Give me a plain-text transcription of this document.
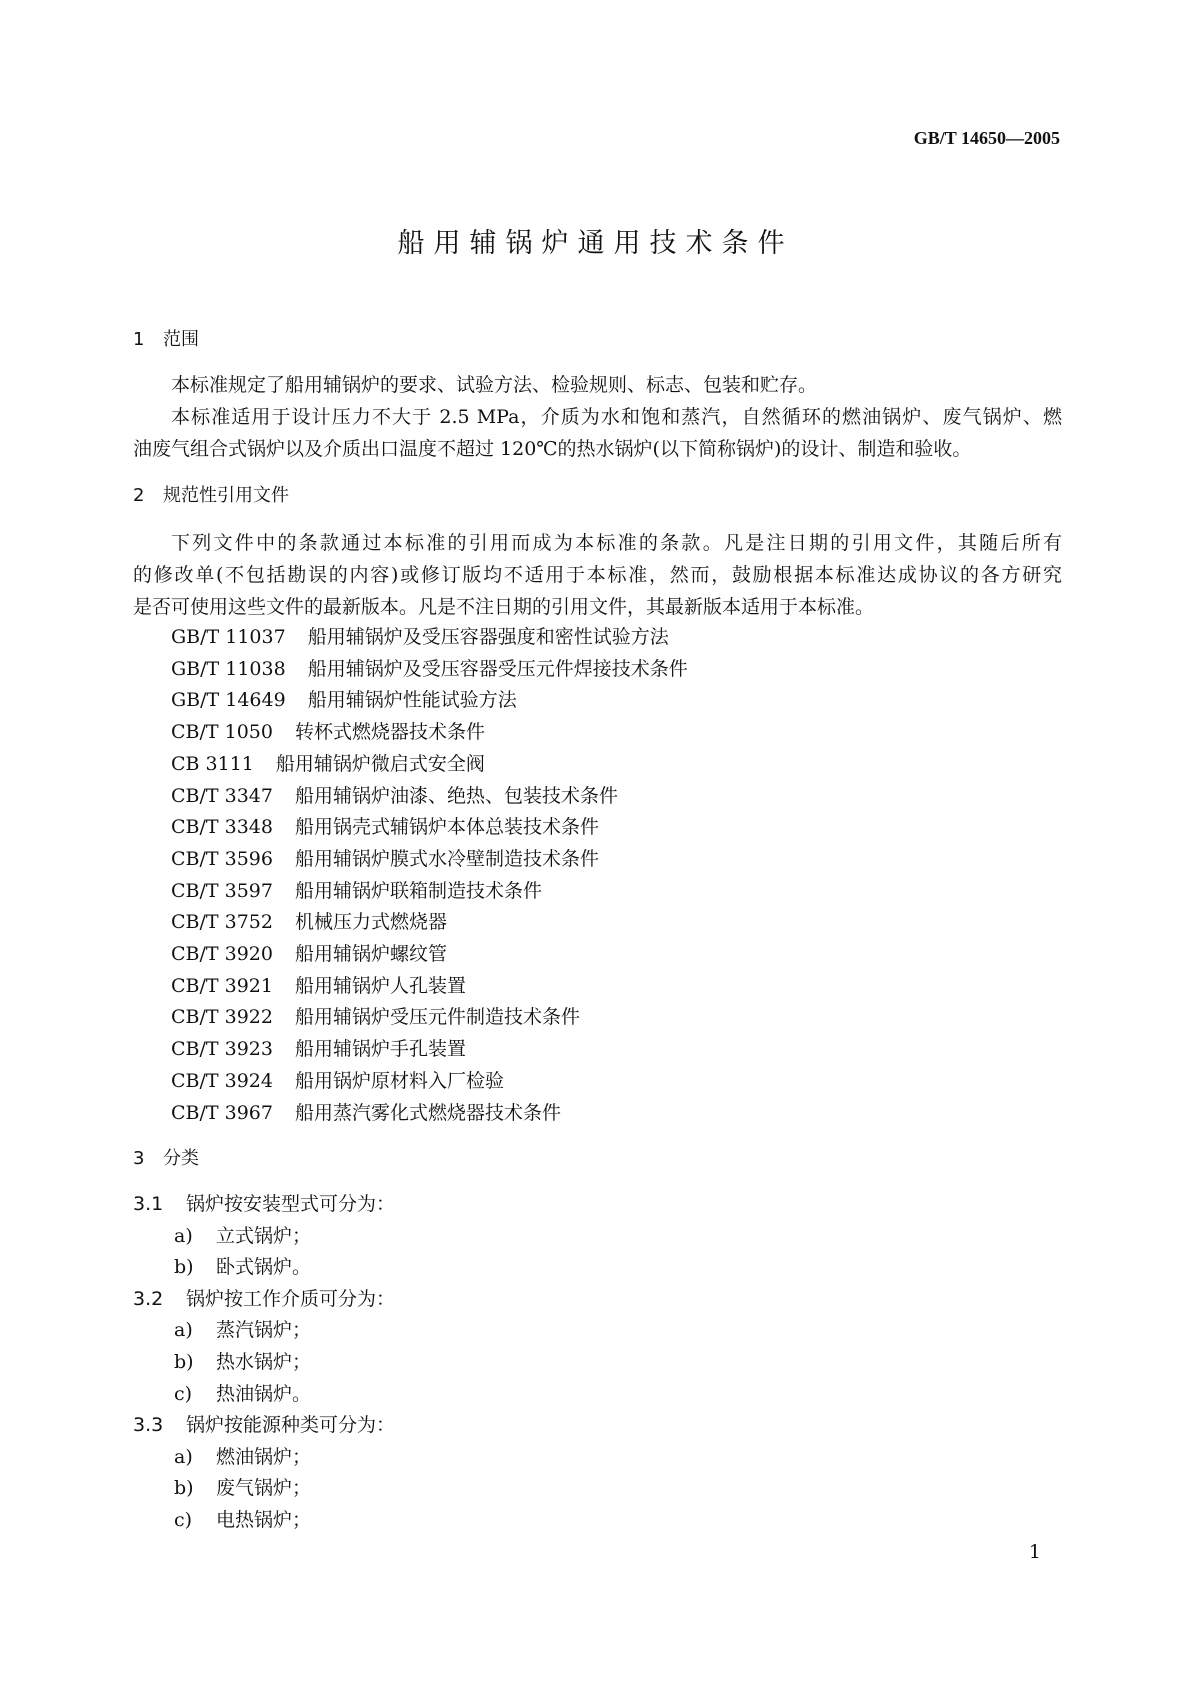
GB/T 14650—2005
船用辅锅炉通用技术条件
1 范围
本标准规定了船用辅锅炉的要求、试验方法、检验规则、标志、包装和贮存。
本标准适用于设计压力不大于 2.5 MPa，介质为水和饱和蒸汽，自然循环的燃油锅炉、废气锅炉、燃
油废气组合式锅炉以及介质出口温度不超过 120℃的热水锅炉(以下简称锅炉)的设计、制造和验收。
2 规范性引用文件
下列文件中的条款通过本标准的引用而成为本标准的条款。凡是注日期的引用文件，其随后所有
的修改单(不包括勘误的内容)或修订版均不适用于本标准，然而，鼓励根据本标准达成协议的各方研究
是否可使用这些文件的最新版本。凡是不注日期的引用文件，其最新版本适用于本标准。
GB/T 11037 船用辅锅炉及受压容器强度和密性试验方法
GB/T 11038 船用辅锅炉及受压容器受压元件焊接技术条件
GB/T 14649 船用辅锅炉性能试验方法
CB/T 1050 转杯式燃烧器技术条件
CB 3111 船用辅锅炉微启式安全阀
CB/T 3347 船用辅锅炉油漆、绝热、包装技术条件
CB/T 3348 船用锅壳式辅锅炉本体总装技术条件
CB/T 3596 船用辅锅炉膜式水冷壁制造技术条件
CB/T 3597 船用辅锅炉联箱制造技术条件
CB/T 3752 机械压力式燃烧器
CB/T 3920 船用辅锅炉螺纹管
CB/T 3921 船用辅锅炉人孔装置
CB/T 3922 船用辅锅炉受压元件制造技术条件
CB/T 3923 船用辅锅炉手孔装置
CB/T 3924 船用锅炉原材料入厂检验
CB/T 3967 船用蒸汽雾化式燃烧器技术条件
3 分类
3.1 锅炉按安装型式可分为：
a) 立式锅炉；
b) 卧式锅炉。
3.2 锅炉按工作介质可分为：
a) 蒸汽锅炉；
b) 热水锅炉；
c) 热油锅炉。
3.3 锅炉按能源种类可分为：
a) 燃油锅炉；
b) 废气锅炉；
c) 电热锅炉；
1
